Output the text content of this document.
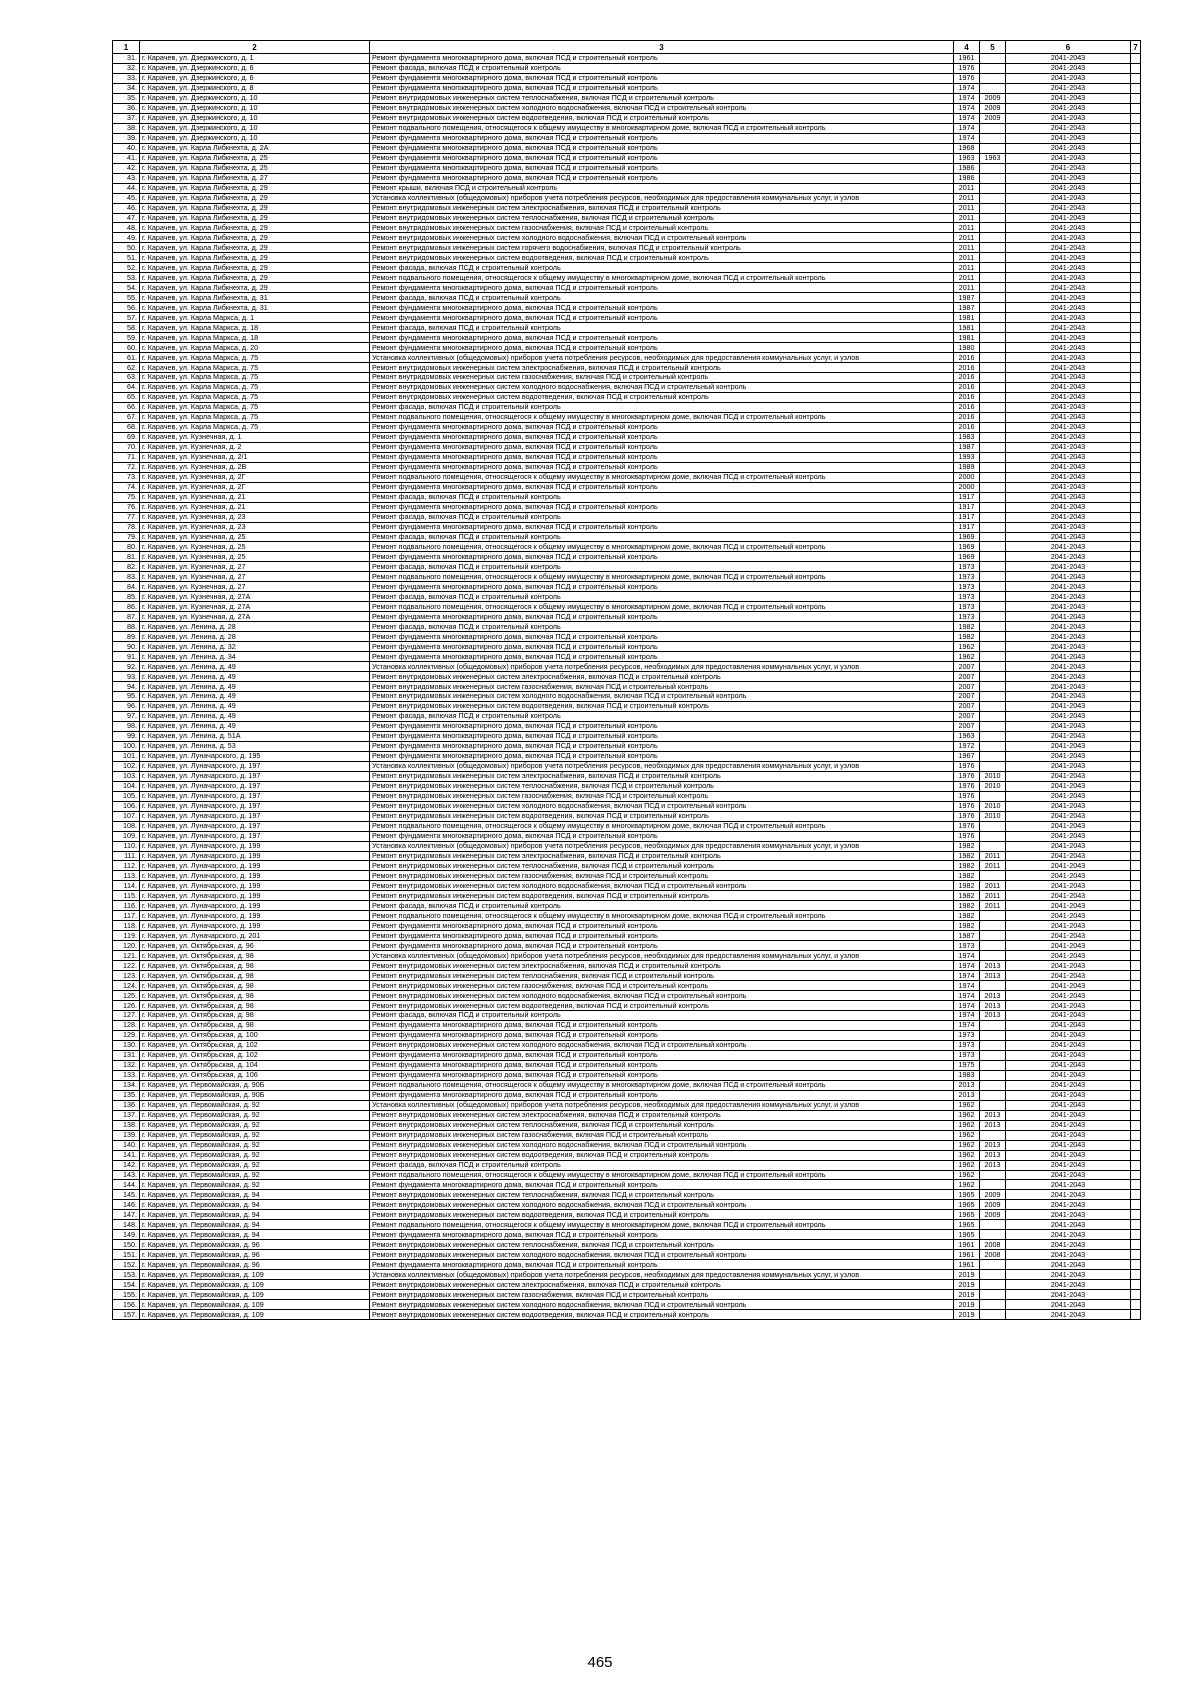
1	2	3	4	5	6	7
31.	г. Карачев, ул. Дзержинского, д. 1	Ремонт фундамента многоквартирного дома, включая ПСД и строительный контроль	1961		2041-2043	
32.	г. Карачев, ул. Дзержинского, д. 6	Ремонт фасада, включая ПСД и строительный контроль	1976		2041-2043	
33.	г. Карачев, ул. Дзержинского, д. 6	Ремонт фундамента многоквартирного дома, включая ПСД и строительный контроль	1976		2041-2043	
34.	г. Карачев, ул. Дзержинского, д. 8	Ремонт фундамента многоквартирного дома, включая ПСД и строительный контроль	1974		2041-2043	
35.	г. Карачев, ул. Дзержинского, д. 10	Ремонт внутридомовых инженерных систем теплоснабжения, включая ПСД и строительный контроль	1974	2009	2041-2043	
36.	г. Карачев, ул. Дзержинского, д. 10	Ремонт внутридомовых инженерных систем холодного водоснабжения, включая ПСД и строительный контроль	1974	2009	2041-2043	
37.	г. Карачев, ул. Дзержинского, д. 10	Ремонт внутридомовых инженерных систем водоотведения, включая ПСД и строительный контроль	1974	2009	2041-2043	
38.	г. Карачев, ул. Дзержинского, д. 10	Ремонт подвального помещения, относящегося к общему имуществу в многоквартирном доме, включая ПСД и строительный контроль	1974		2041-2043	
39.	г. Карачев, ул. Дзержинского, д. 10	Ремонт фундамента многоквартирного дома, включая ПСД и строительный контроль	1974		2041-2043	
40.	г. Карачев, ул. Карла Либкнехта, д. 2А	Ремонт фундамента многоквартирного дома, включая ПСД и строительный контроль	1968		2041-2043	
41.	г. Карачев, ул. Карла Либкнехта, д. 25	Ремонт фундамента многоквартирного дома, включая ПСД и строительный контроль	1963	1963	2041-2043	
42.	г. Карачев, ул. Карла Либкнехта, д. 25	Ремонт фундамента многоквартирного дома, включая ПСД и строительный контроль	1986		2041-2043	
43.	г. Карачев, ул. Карла Либкнехта, д. 27	Ремонт фундамента многоквартирного дома, включая ПСД и строительный контроль	1986		2041-2043	
44.	г. Карачев, ул. Карла Либкнехта, д. 29	Ремонт крыши, включая ПСД и строительный контроль	2011		2041-2043	
45.	г. Карачев, ул. Карла Либкнехта, д. 29	Установка коллективных (общедомовых) приборов учета потребления ресурсов, необходимых для предоставления коммунальных услуг, и узлов	2011		2041-2043	
46.	г. Карачев, ул. Карла Либкнехта, д. 29	Ремонт внутридомовых инженерных систем электроснабжения, включая ПСД и строительный контроль	2011		2041-2043	
47.	г. Карачев, ул. Карла Либкнехта, д. 29	Ремонт внутридомовых инженерных систем теплоснабжения, включая ПСД и строительный контроль	2011		2041-2043	
48.	г. Карачев, ул. Карла Либкнехта, д. 29	Ремонт внутридомовых инженерных систем газоснабжения, включая ПСД и строительный контроль	2011		2041-2043	
49.	г. Карачев, ул. Карла Либкнехта, д. 29	Ремонт внутридомовых инженерных систем холодного водоснабжения, включая ПСД и строительный контроль	2011		2041-2043	
50.	г. Карачев, ул. Карла Либкнехта, д. 29	Ремонт внутридомовых инженерных систем горячего водоснабжения, включая ПСД и строительный контроль	2011		2041-2043	
51.	г. Карачев, ул. Карла Либкнехта, д. 29	Ремонт внутридомовых инженерных систем водоотведения, включая ПСД и строительный контроль	2011		2041-2043	
52.	г. Карачев, ул. Карла Либкнехта, д. 29	Ремонт фасада, включая ПСД и строительный контроль	2011		2041-2043	
53.	г. Карачев, ул. Карла Либкнехта, д. 29	Ремонт подвального помещения, относящегося к общему имуществу в многоквартирном доме, включая ПСД и строительный контроль	2011		2041-2043	
54.	г. Карачев, ул. Карла Либкнехта, д. 29	Ремонт фундамента многоквартирного дома, включая ПСД и строительный контроль	2011		2041-2043	
55.	г. Карачев, ул. Карла Либкнехта, д. 31	Ремонт фасада, включая ПСД и строительный контроль	1987		2041-2043	
56.	г. Карачев, ул. Карла Либкнехта, д. 31	Ремонт фундамента многоквартирного дома, включая ПСД и строительный контроль	1987		2041-2043	
57.	г. Карачев, ул. Карла Маркса, д. 1	Ремонт фундамента многоквартирного дома, включая ПСД и строительный контроль	1981		2041-2043	
58.	г. Карачев, ул. Карла Маркса, д. 18	Ремонт фасада, включая ПСД и строительный контроль	1981		2041-2043	
59.	г. Карачев, ул. Карла Маркса, д. 18	Ремонт фундамента многоквартирного дома, включая ПСД и строительный контроль	1981		2041-2043	
60.	г. Карачев, ул. Карла Маркса, д. 20	Ремонт фундамента многоквартирного дома, включая ПСД и строительный контроль	1980		2041-2043	
61.	г. Карачев, ул. Карла Маркса, д. 75	Установка коллективных (общедомовых) приборов учета потребления ресурсов, необходимых для предоставления коммунальных услуг, и узлов	2016		2041-2043	
62.	г. Карачев, ул. Карла Маркса, д. 75	Ремонт внутридомовых инженерных систем электроснабжения, включая ПСД и строительный контроль	2016		2041-2043	
63.	г. Карачев, ул. Карла Маркса, д. 75	Ремонт внутридомовых инженерных систем газоснабжения, включая ПСД и строительный контроль	2016		2041-2043	
64.	г. Карачев, ул. Карла Маркса, д. 75	Ремонт внутридомовых инженерных систем холодного водоснабжения, включая ПСД и строительный контроль	2016		2041-2043	
65.	г. Карачев, ул. Карла Маркса, д. 75	Ремонт внутридомовых инженерных систем водоотведения, включая ПСД и строительный контроль	2016		2041-2043	
66.	г. Карачев, ул. Карла Маркса, д. 75	Ремонт фасада, включая ПСД и строительный контроль	2016		2041-2043	
67.	г. Карачев, ул. Карла Маркса, д. 75	Ремонт подвального помещения, относящегося к общему имуществу в многоквартирном доме, включая ПСД и строительный контроль	2016		2041-2043	
68.	г. Карачев, ул. Карла Маркса, д. 75	Ремонт фундамента многоквартирного дома, включая ПСД и строительный контроль	2016		2041-2043	
69.	г. Карачев, ул. Кузнечная, д. 1	Ремонт фундамента многоквартирного дома, включая ПСД и строительный контроль	1983		2041-2043	
70.	г. Карачев, ул. Кузнечная, д. 2	Ремонт фундамента многоквартирного дома, включая ПСД и строительный контроль	1987		2041-2043	
71.	г. Карачев, ул. Кузнечная, д. 2/1	Ремонт фундамента многоквартирного дома, включая ПСД и строительный контроль	1993		2041-2043	
72.	г. Карачев, ул. Кузнечная, д. 2В	Ремонт фундамента многоквартирного дома, включая ПСД и строительный контроль	1989		2041-2043	
73.	г. Карачев, ул. Кузнечная, д. 2Г	Ремонт подвального помещения, относящегося к общему имуществу в многоквартирном доме, включая ПСД и строительный контроль	2000		2041-2043	
74.	г. Карачев, ул. Кузнечная, д. 2Г	Ремонт фундамента многоквартирного дома, включая ПСД и строительный контроль	2000		2041-2043	
75.	г. Карачев, ул. Кузнечная, д. 21	Ремонт фасада, включая ПСД и строительный контроль	1917		2041-2043	
76.	г. Карачев, ул. Кузнечная, д. 21	Ремонт фундамента многоквартирного дома, включая ПСД и строительный контроль	1917		2041-2043	
77.	г. Карачев, ул. Кузнечная, д. 23	Ремонт фасада, включая ПСД и строительный контроль	1917		2041-2043	
78.	г. Карачев, ул. Кузнечная, д. 23	Ремонт фундамента многоквартирного дома, включая ПСД и строительный контроль	1917		2041-2043	
79.	г. Карачев, ул. Кузнечная, д. 25	Ремонт фасада, включая ПСД и строительный контроль	1969		2041-2043	
80.	г. Карачев, ул. Кузнечная, д. 25	Ремонт подвального помещения, относящегося к общему имуществу в многоквартирном доме, включая ПСД и строительный контроль	1969		2041-2043	
81.	г. Карачев, ул. Кузнечная, д. 25	Ремонт фундамента многоквартирного дома, включая ПСД и строительный контроль	1969		2041-2043	
82.	г. Карачев, ул. Кузнечная, д. 27	Ремонт фасада, включая ПСД и строительный контроль	1973		2041-2043	
83.	г. Карачев, ул. Кузнечная, д. 27	Ремонт подвального помещения, относящегося к общему имуществу в многоквартирном доме, включая ПСД и строительный контроль	1973		2041-2043	
84.	г. Карачев, ул. Кузнечная, д. 27	Ремонт фундамента многоквартирного дома, включая ПСД и строительный контроль	1973		2041-2043	
85.	г. Карачев, ул. Кузнечная, д. 27А	Ремонт фасада, включая ПСД и строительный контроль	1973		2041-2043	
86.	г. Карачев, ул. Кузнечная, д. 27А	Ремонт подвального помещения, относящегося к общему имуществу в многоквартирном доме, включая ПСД и строительный контроль	1973		2041-2043	
87.	г. Карачев, ул. Кузнечная, д. 27А	Ремонт фундамента многоквартирного дома, включая ПСД и строительный контроль	1973		2041-2043	
88.	г. Карачев, ул. Ленина, д. 28	Ремонт фасада, включая ПСД и строительный контроль	1982		2041-2043	
89.	г. Карачев, ул. Ленина, д. 28	Ремонт фундамента многоквартирного дома, включая ПСД и строительный контроль	1982		2041-2043	
90.	г. Карачев, ул. Ленина, д. 32	Ремонт фундамента многоквартирного дома, включая ПСД и строительный контроль	1962		2041-2043	
91.	г. Карачев, ул. Ленина, д. 34	Ремонт фундамента многоквартирного дома, включая ПСД и строительный контроль	1962		2041-2043	
92.	г. Карачев, ул. Ленина, д. 49	Установка коллективных (общедомовых) приборов учета потребления ресурсов, необходимых для предоставления коммунальных услуг, и узлов	2007		2041-2043	
93.	г. Карачев, ул. Ленина, д. 49	Ремонт внутридомовых инженерных систем электроснабжения, включая ПСД и строительный контроль	2007		2041-2043	
94.	г. Карачев, ул. Ленина, д. 49	Ремонт внутридомовых инженерных систем газоснабжения, включая ПСД и строительный контроль	2007		2041-2043	
95.	г. Карачев, ул. Ленина, д. 49	Ремонт внутридомовых инженерных систем холодного водоснабжения, включая ПСД и строительный контроль	2007		2041-2043	
96.	г. Карачев, ул. Ленина, д. 49	Ремонт внутридомовых инженерных систем водоотведения, включая ПСД и строительный контроль	2007		2041-2043	
97.	г. Карачев, ул. Ленина, д. 49	Ремонт фасада, включая ПСД и строительный контроль	2007		2041-2043	
98.	г. Карачев, ул. Ленина, д. 49	Ремонт фундамента многоквартирного дома, включая ПСД и строительный контроль	2007		2041-2043	
99.	г. Карачев, ул. Ленина, д. 51А	Ремонт фундамента многоквартирного дома, включая ПСД и строительный контроль	1963		2041-2043	
100.	г. Карачев, ул. Ленина, д. 53	Ремонт фундамента многоквартирного дома, включая ПСД и строительный контроль	1972		2041-2043	
101.	г. Карачев, ул. Луначарского, д. 195	Ремонт фундамента многоквартирного дома, включая ПСД и строительный контроль	1967		2041-2043	
102.	г. Карачев, ул. Луначарского, д. 197	Установка коллективных (общедомовых) приборов учета потребления ресурсов, необходимых для предоставления коммунальных услуг, и узлов	1976		2041-2043	
103.	г. Карачев, ул. Луначарского, д. 197	Ремонт внутридомовых инженерных систем электроснабжения, включая ПСД и строительный контроль	1976	2010	2041-2043	
104.	г. Карачев, ул. Луначарского, д. 197	Ремонт внутридомовых инженерных систем теплоснабжения, включая ПСД и строительный контроль	1976	2010	2041-2043	
105.	г. Карачев, ул. Луначарского, д. 197	Ремонт внутридомовых инженерных систем газоснабжения, включая ПСД и строительный контроль	1976		2041-2043	
106.	г. Карачев, ул. Луначарского, д. 197	Ремонт внутридомовых инженерных систем холодного водоснабжения, включая ПСД и строительный контроль	1976	2010	2041-2043	
107.	г. Карачев, ул. Луначарского, д. 197	Ремонт внутридомовых инженерных систем водоотведения, включая ПСД и строительный контроль	1976	2010	2041-2043	
108.	г. Карачев, ул. Луначарского, д. 197	Ремонт подвального помещения, относящегося к общему имуществу в многоквартирном доме, включая ПСД и строительный контроль	1976		2041-2043	
109.	г. Карачев, ул. Луначарского, д. 197	Ремонт фундамента многоквартирного дома, включая ПСД и строительный контроль	1976		2041-2043	
110.	г. Карачев, ул. Луначарского, д. 199	Установка коллективных (общедомовых) приборов учета потребления ресурсов, необходимых для предоставления коммунальных услуг, и узлов	1982		2041-2043	
111.	г. Карачев, ул. Луначарского, д. 199	Ремонт внутридомовых инженерных систем электроснабжения, включая ПСД и строительный контроль	1982	2011	2041-2043	
112.	г. Карачев, ул. Луначарского, д. 199	Ремонт внутридомовых инженерных систем теплоснабжения, включая ПСД и строительный контроль	1982	2011	2041-2043	
113.	г. Карачев, ул. Луначарского, д. 199	Ремонт внутридомовых инженерных систем газоснабжения, включая ПСД и строительный контроль	1982		2041-2043	
114.	г. Карачев, ул. Луначарского, д. 199	Ремонт внутридомовых инженерных систем холодного водоснабжения, включая ПСД и строительный контроль	1982	2011	2041-2043	
115.	г. Карачев, ул. Луначарского, д. 199	Ремонт внутридомовых инженерных систем водоотведения, включая ПСД и строительный контроль	1982	2011	2041-2043	
116.	г. Карачев, ул. Луначарского, д. 199	Ремонт фасада, включая ПСД и строительный контроль	1982	2011	2041-2043	
117.	г. Карачев, ул. Луначарского, д. 199	Ремонт подвального помещения, относящегося к общему имуществу в многоквартирном доме, включая ПСД и строительный контроль	1982		2041-2043	
118.	г. Карачев, ул. Луначарского, д. 199	Ремонт фундамента многоквартирного дома, включая ПСД и строительный контроль	1982		2041-2043	
119.	г. Карачев, ул. Луначарского, д. 201	Ремонт фундамента многоквартирного дома, включая ПСД и строительный контроль	1987		2041-2043	
120.	г. Карачев, ул. Октябрьская, д. 96	Ремонт фундамента многоквартирного дома, включая ПСД и строительный контроль	1973		2041-2043	
121.	г. Карачев, ул. Октябрьская, д. 98	Установка коллективных (общедомовых) приборов учета потребления ресурсов, необходимых для предоставления коммунальных услуг, и узлов	1974		2041-2043	
122.	г. Карачев, ул. Октябрьская, д. 98	Ремонт внутридомовых инженерных систем электроснабжения, включая ПСД и строительный контроль	1974	2013	2041-2043	
123.	г. Карачев, ул. Октябрьская, д. 98	Ремонт внутридомовых инженерных систем теплоснабжения, включая ПСД и строительный контроль	1974	2013	2041-2043	
124.	г. Карачев, ул. Октябрьская, д. 98	Ремонт внутридомовых инженерных систем газоснабжения, включая ПСД и строительный контроль	1974		2041-2043	
125.	г. Карачев, ул. Октябрьская, д. 98	Ремонт внутридомовых инженерных систем холодного водоснабжения, включая ПСД и строительный контроль	1974	2013	2041-2043	
126.	г. Карачев, ул. Октябрьская, д. 98	Ремонт внутридомовых инженерных систем водоотведения, включая ПСД и строительный контроль	1974	2013	2041-2043	
127.	г. Карачев, ул. Октябрьская, д. 98	Ремонт фасада, включая ПСД и строительный контроль	1974	2013	2041-2043	
128.	г. Карачев, ул. Октябрьская, д. 98	Ремонт фундамента многоквартирного дома, включая ПСД и строительный контроль	1974		2041-2043	
129.	г. Карачев, ул. Октябрьская, д. 100	Ремонт фундамента многоквартирного дома, включая ПСД и строительный контроль	1973		2041-2043	
130.	г. Карачев, ул. Октябрьская, д. 102	Ремонт внутридомовых инженерных систем холодного водоснабжения, включая ПСД и строительный контроль	1973		2041-2043	
131.	г. Карачев, ул. Октябрьская, д. 102	Ремонт фундамента многоквартирного дома, включая ПСД и строительный контроль	1973		2041-2043	
132.	г. Карачев, ул. Октябрьская, д. 104	Ремонт фундамента многоквартирного дома, включая ПСД и строительный контроль	1975		2041-2043	
133.	г. Карачев, ул. Октябрьская, д. 106	Ремонт фундамента многоквартирного дома, включая ПСД и строительный контроль	1983		2041-2043	
134.	г. Карачев, ул. Первомайская, д. 90Б	Ремонт подвального помещения, относящегося к общему имуществу в многоквартирном доме, включая ПСД и строительный контроль	2013		2041-2043	
135.	г. Карачев, ул. Первомайская, д. 90Б	Ремонт фундамента многоквартирного дома, включая ПСД и строительный контроль	2013		2041-2043	
136.	г. Карачев, ул. Первомайская, д. 92	Установка коллективных (общедомовых) приборов учета потребления ресурсов, необходимых для предоставления коммунальных услуг, и узлов	1962		2041-2043	
137.	г. Карачев, ул. Первомайская, д. 92	Ремонт внутридомовых инженерных систем электроснабжения, включая ПСД и строительный контроль	1962	2013	2041-2043	
138.	г. Карачев, ул. Первомайская, д. 92	Ремонт внутридомовых инженерных систем теплоснабжения, включая ПСД и строительный контроль	1962	2013	2041-2043	
139.	г. Карачев, ул. Первомайская, д. 92	Ремонт внутридомовых инженерных систем газоснабжения, включая ПСД и строительный контроль	1962		2041-2043	
140.	г. Карачев, ул. Первомайская, д. 92	Ремонт внутридомовых инженерных систем холодного водоснабжения, включая ПСД и строительный контроль	1962	2013	2041-2043	
141.	г. Карачев, ул. Первомайская, д. 92	Ремонт внутридомовых инженерных систем водоотведения, включая ПСД и строительный контроль	1962	2013	2041-2043	
142.	г. Карачев, ул. Первомайская, д. 92	Ремонт фасада, включая ПСД и строительный контроль	1962	2013	2041-2043	
143.	г. Карачев, ул. Первомайская, д. 92	Ремонт подвального помещения, относящегося к общему имуществу в многоквартирном доме, включая ПСД и строительный контроль	1962		2041-2043	
144.	г. Карачев, ул. Первомайская, д. 92	Ремонт фундамента многоквартирного дома, включая ПСД и строительный контроль	1962		2041-2043	
145.	г. Карачев, ул. Первомайская, д. 94	Ремонт внутридомовых инженерных систем теплоснабжения, включая ПСД и строительный контроль	1965	2009	2041-2043	
146.	г. Карачев, ул. Первомайская, д. 94	Ремонт внутридомовых инженерных систем холодного водоснабжения, включая ПСД и строительный контроль	1965	2009	2041-2043	
147.	г. Карачев, ул. Первомайская, д. 94	Ремонт внутридомовых инженерных систем водоотведения, включая ПСД и строительный контроль	1965	2009	2041-2043	
148.	г. Карачев, ул. Первомайская, д. 94	Ремонт подвального помещения, относящегося к общему имуществу в многоквартирном доме, включая ПСД и строительный контроль	1965		2041-2043	
149.	г. Карачев, ул. Первомайская, д. 94	Ремонт фундамента многоквартирного дома, включая ПСД и строительный контроль	1965		2041-2043	
150.	г. Карачев, ул. Первомайская, д. 96	Ремонт внутридомовых инженерных систем теплоснабжения, включая ПСД и строительный контроль	1961	2008	2041-2043	
151.	г. Карачев, ул. Первомайская, д. 96	Ремонт внутридомовых инженерных систем холодного водоснабжения, включая ПСД и строительный контроль	1961	2008	2041-2043	
152.	г. Карачев, ул. Первомайская, д. 96	Ремонт фундамента многоквартирного дома, включая ПСД и строительный контроль	1961		2041-2043	
153.	г. Карачев, ул. Первомайская, д. 109	Установка коллективных (общедомовых) приборов учета потребления ресурсов, необходимых для предоставления коммунальных услуг, и узлов	2019		2041-2043	
154.	г. Карачев, ул. Первомайская, д. 109	Ремонт внутридомовых инженерных систем электроснабжения, включая ПСД и строительный контроль	2019		2041-2043	
155.	г. Карачев, ул. Первомайская, д. 109	Ремонт внутридомовых инженерных систем газоснабжения, включая ПСД и строительный контроль	2019		2041-2043	
156.	г. Карачев, ул. Первомайская, д. 109	Ремонт внутридомовых инженерных систем холодного водоснабжения, включая ПСД и строительный контроль	2019		2041-2043	
157.	г. Карачев, ул. Первомайская, д. 109	Ремонт внутридомовых инженерных систем водоотведения, включая ПСД и строительный контроль	2019		2041-2043	
465
